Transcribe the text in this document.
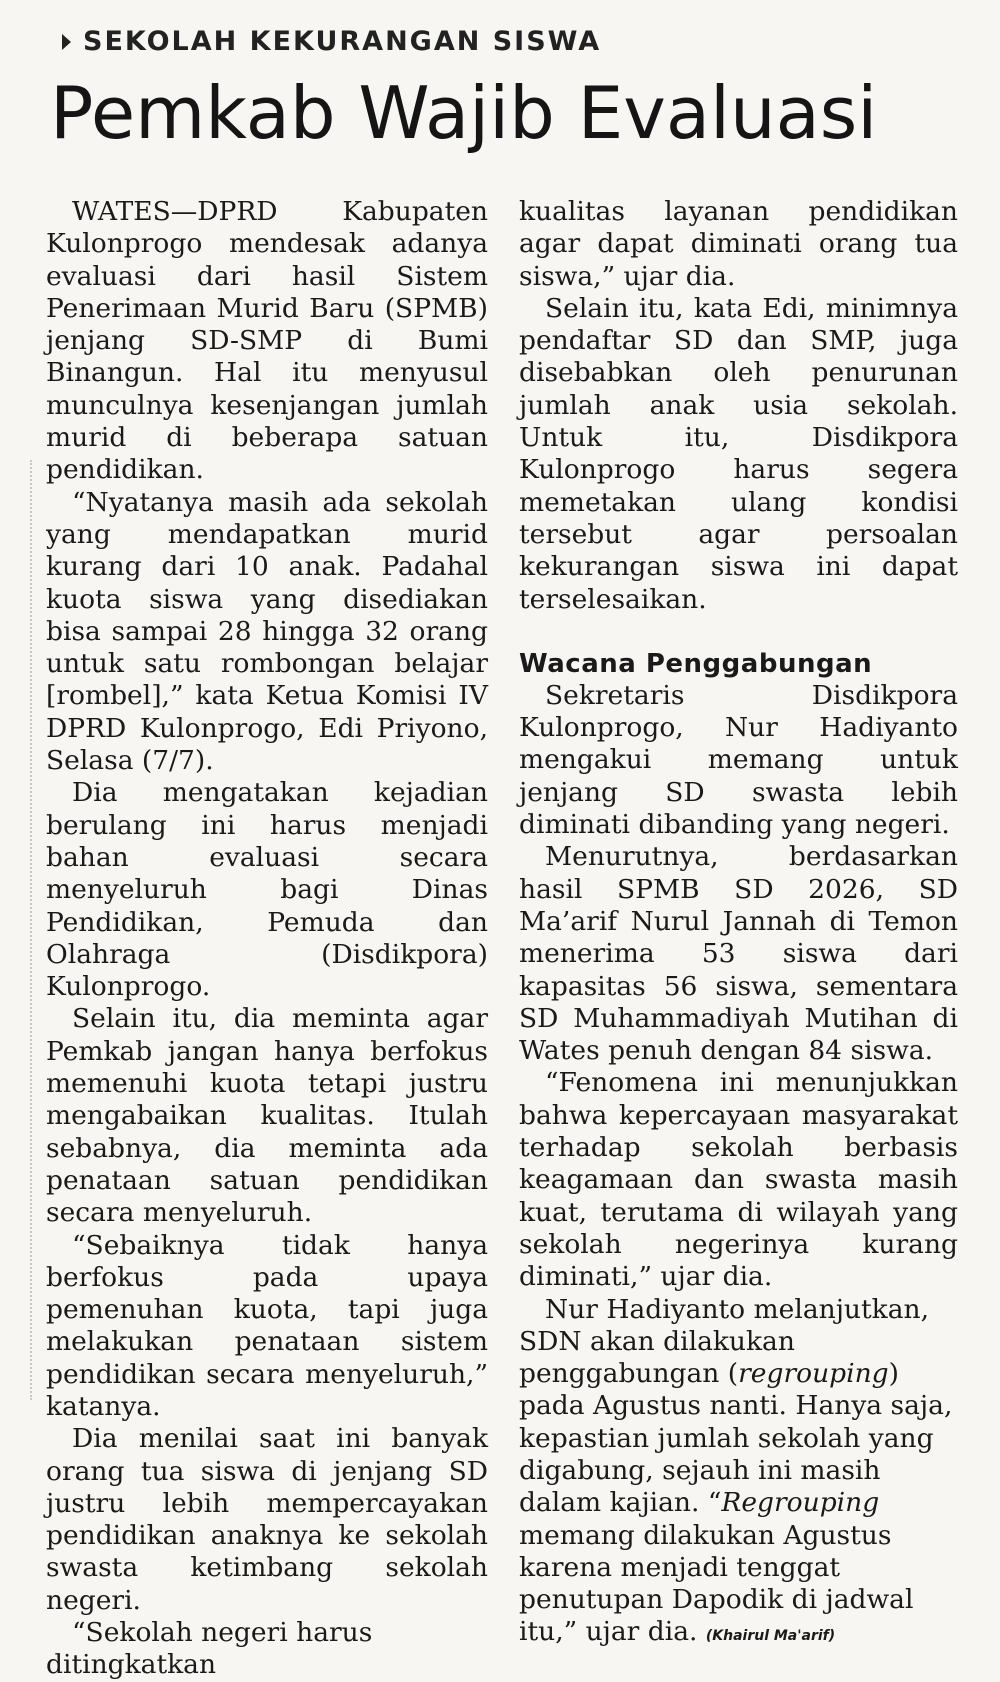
SEKOLAH KEKURANGAN SISWA
Pemkab Wajib Evaluasi

WATES—DPRD Kabupaten Kulonprogo mendesak adanya evaluasi dari hasil Sistem Penerimaan Murid Baru (SPMB) jenjang SD-SMP di Bumi Binangun. Hal itu menyusul munculnya kesenjangan jumlah murid di beberapa satuan pendidikan.

“Nyatanya masih ada sekolah yang mendapatkan murid kurang dari 10 anak. Padahal kuota siswa yang disediakan bisa sampai 28 hingga 32 orang untuk satu rombongan belajar [rombel],” kata Ketua Komisi IV DPRD Kulonprogo, Edi Priyono, Selasa (7/7).

Dia mengatakan kejadian berulang ini harus menjadi bahan evaluasi secara menyeluruh bagi Dinas Pendidikan, Pemuda dan Olahraga (Disdikpora) Kulonprogo.

Selain itu, dia meminta agar Pemkab jangan hanya berfokus memenuhi kuota tetapi justru mengabaikan kualitas. Itulah sebabnya, dia meminta ada penataan satuan pendidikan secara menyeluruh.

“Sebaiknya tidak hanya berfokus pada upaya pemenuhan kuota, tapi juga melakukan penataan sistem pendidikan secara menyeluruh,” katanya.

Dia menilai saat ini banyak orang tua siswa di jenjang SD justru lebih mempercayakan pendidikan anaknya ke sekolah swasta ketimbang sekolah negeri.

“Sekolah negeri harus ditingkatkan

kualitas layanan pendidikan agar dapat diminati orang tua siswa,” ujar dia.

Selain itu, kata Edi, minimnya pendaftar SD dan SMP, juga disebabkan oleh penurunan jumlah anak usia sekolah. Untuk itu, Disdikpora Kulonprogo harus segera memetakan ulang kondisi tersebut agar persoalan kekurangan siswa ini dapat terselesaikan.

Wacana Penggabungan

Sekretaris Disdikpora Kulonprogo, Nur Hadiyanto mengakui memang untuk jenjang SD swasta lebih diminati dibanding yang negeri.

Menurutnya, berdasarkan hasil SPMB SD 2026, SD Ma’arif Nurul Jannah di Temon menerima 53 siswa dari kapasitas 56 siswa, sementara SD Muhammadiyah Mutihan di Wates penuh dengan 84 siswa.

“Fenomena ini menunjukkan bahwa kepercayaan masyarakat terhadap sekolah berbasis keagamaan dan swasta masih kuat, terutama di wilayah yang sekolah negerinya kurang diminati,” ujar dia.

Nur Hadiyanto melanjutkan, SDN akan dilakukan penggabungan (regrouping) pada Agustus nanti. Hanya saja, kepastian jumlah sekolah yang digabung, sejauh ini masih dalam kajian. “Regrouping memang dilakukan Agustus karena menjadi tenggat penutupan Dapodik di jadwal itu,” ujar dia. (Khairul Ma'arif)
